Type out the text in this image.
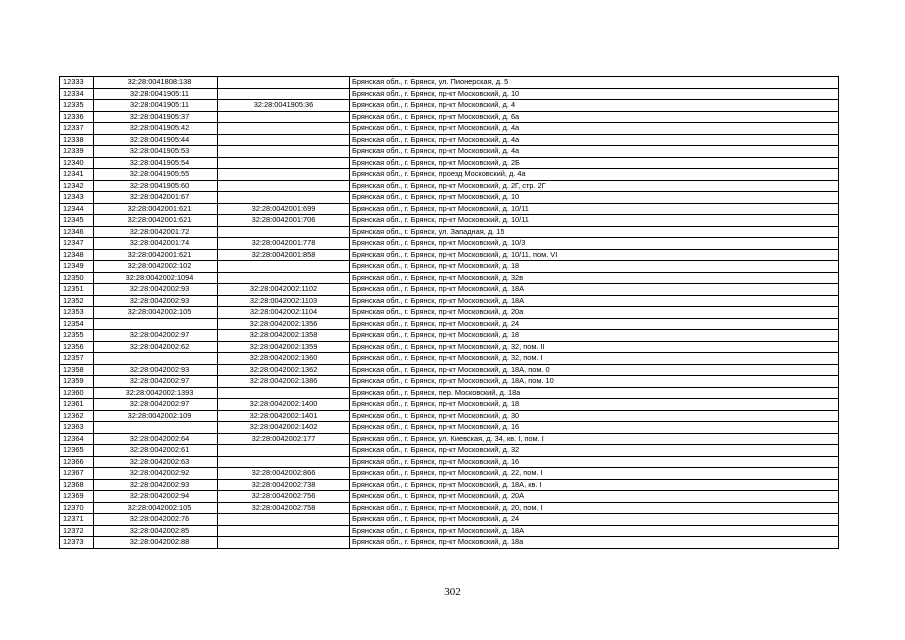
12333	32:28:0041808:138		Брянская обл., г. Брянск, ул. Пионерская, д. 5
12334	32:28:0041905:11		Брянская обл., г. Брянск, пр-кт Московский, д. 10
12335	32:28:0041905:11	32:28:0041905:36	Брянская обл., г. Брянск, пр-кт Московский, д. 4
12336	32:28:0041905:37		Брянская обл., г. Брянск, пр-кт Московский, д. 6а
12337	32:28:0041905:42		Брянская обл., г. Брянск, пр-кт Московский, д. 4а
12338	32:28:0041905:44		Брянская обл., г. Брянск, пр-кт Московский, д. 4а
12339	32:28:0041905:53		Брянская обл., г. Брянск, пр-кт Московский, д. 4а
12340	32:28:0041905:54		Брянская обл., г. Брянск, пр-кт Московский, д. 2Б
12341	32:28:0041905:55		Брянская обл., г. Брянск, проезд Московский, д. 4а
12342	32:28:0041905:60		Брянская обл., г. Брянск, пр-кт Московский, д. 2Г, стр. 2Г
12343	32:28:0042001:67		Брянская обл., г. Брянск, пр-кт Московский, д. 10
12344	32:28:0042001:621	32:28:0042001:699	Брянская обл., г. Брянск, пр-кт Московский, д. 10/11
12345	32:28:0042001:621	32:28:0042001:706	Брянская обл., г. Брянск, пр-кт Московский, д. 10/11
12346	32:28:0042001:72		Брянская обл., г. Брянск, ул. Западная, д. 15
12347	32:28:0042001:74	32:28:0042001:778	Брянская обл., г. Брянск, пр-кт Московский, д. 10/3
12348	32:28:0042001:621	32:28:0042001:858	Брянская обл., г. Брянск, пр-кт Московский, д. 10/11, пом. VI
12349	32:28:0042002:102		Брянская обл., г. Брянск, пр-кт Московский, д. 18
12350	32:28:0042002:1094		Брянская обл., г. Брянск, пр-кт Московский, д. 32в
12351	32:28:0042002:93	32:28:0042002:1102	Брянская обл., г. Брянск, пр-кт Московский, д. 18А
12352	32:28:0042002:93	32:28:0042002:1103	Брянская обл., г. Брянск, пр-кт Московский, д. 18А
12353	32:28:0042002:105	32:28:0042002:1104	Брянская обл., г. Брянск, пр-кт Московский, д. 20а
12354		32:28:0042002:1356	Брянская обл., г. Брянск, пр-кт Московский, д. 24
12355	32:28:0042002:97	32:28:0042002:1358	Брянская обл., г. Брянск, пр-кт Московский, д. 18
12356	32:28:0042002:62	32:28:0042002:1359	Брянская обл., г. Брянск, пр-кт Московский, д. 32, пом. II
12357		32:28:0042002:1360	Брянская обл., г. Брянск, пр-кт Московский, д. 32, пом. I
12358	32:28:0042002:93	32:28:0042002:1362	Брянская обл., г. Брянск, пр-кт Московский, д. 18А, пом. 0
12359	32:28:0042002:97	32:28:0042002:1386	Брянская обл., г. Брянск, пр-кт Московский, д. 18А, пом. 10
12360	32:28:0042002:1393		Брянская обл., г. Брянск, пер. Московский, д. 18а
12361	32:28:0042002:97	32:28:0042002:1400	Брянская обл., г. Брянск, пр-кт Московский, д. 18
12362	32:28:0042002:109	32:28:0042002:1401	Брянская обл., г. Брянск, пр-кт Московский, д. 30
12363		32:28:0042002:1402	Брянская обл., г. Брянск, пр-кт Московский, д. 16
12364	32:28:0042002:64	32:28:0042002:177	Брянская обл., г. Брянск, ул. Киевская, д. 34, кв. I, пом. I
12365	32:28:0042002:61		Брянская обл., г. Брянск, пр-кт Московский, д. 32
12366	32:28:0042002:63		Брянская обл., г. Брянск, пр-кт Московский, д. 16
12367	32:28:0042002:92	32:28:0042002:866	Брянская обл., г. Брянск, пр-кт Московский, д. 22, пом. I
12368	32:28:0042002:93	32:28:0042002:738	Брянская обл., г. Брянск, пр-кт Московский, д. 18А, кв. I
12369	32:28:0042002:94	32:28:0042002:756	Брянская обл., г. Брянск, пр-кт Московский, д. 20А
12370	32:28:0042002:105	32:28:0042002:758	Брянская обл., г. Брянск, пр-кт Московский, д. 20, пом. I
12371	32:28:0042002:76		Брянская обл., г. Брянск, пр-кт Московский, д. 24
12372	32:28:0042002:85		Брянская обл., г. Брянск, пр-кт Московский, д. 18А
12373	32:28:0042002:88		Брянская обл., г. Брянск, пр-кт Московский, д. 18а
302
